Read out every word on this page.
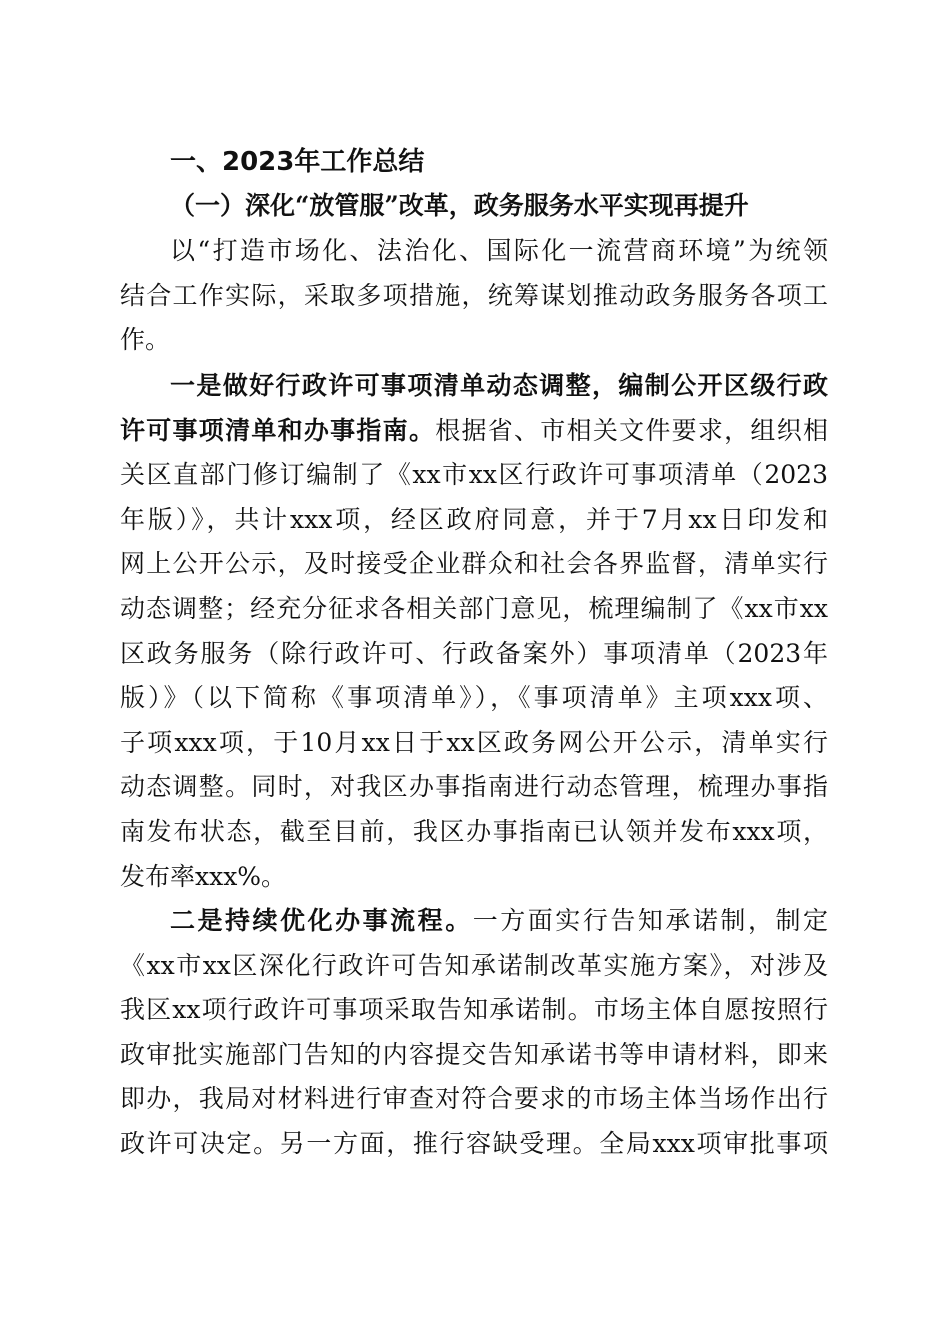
一、2023年工作总结
（一）深化“放管服”改革，政务服务水平实现再提升
以“打造市场化、法治化、国际化一流营商环境”为统领
结合工作实际，采取多项措施，统筹谋划推动政务服务各项工
作。
一是做好行政许可事项清单动态调整，编制公开区级行政
许可事项清单和办事指南。根据省、市相关文件要求，组织相
关区直部门修订编制了《xx市xx区行政许可事项清单（2023
年版）》，共计xxx项，经区政府同意，并于7月xx日印发和
网上公开公示，及时接受企业群众和社会各界监督，清单实行
动态调整；经充分征求各相关部门意见，梳理编制了《xx市xx
区政务服务（除行政许可、行政备案外）事项清单（2023年
版）》（以下简称《事项清单》），《事项清单》主项xxx项、
子项xxx项，于10月xx日于xx区政务网公开公示，清单实行
动态调整。同时，对我区办事指南进行动态管理，梳理办事指
南发布状态，截至目前，我区办事指南已认领并发布xxx项，
发布率xxx%。
二是持续优化办事流程。一方面实行告知承诺制，制定
《xx市xx区深化行政许可告知承诺制改革实施方案》，对涉及
我区xx项行政许可事项采取告知承诺制。市场主体自愿按照行
政审批实施部门告知的内容提交告知承诺书等申请材料，即来
即办，我局对材料进行审查对符合要求的市场主体当场作出行
政许可决定。另一方面，推行容缺受理。全局xxx项审批事项
